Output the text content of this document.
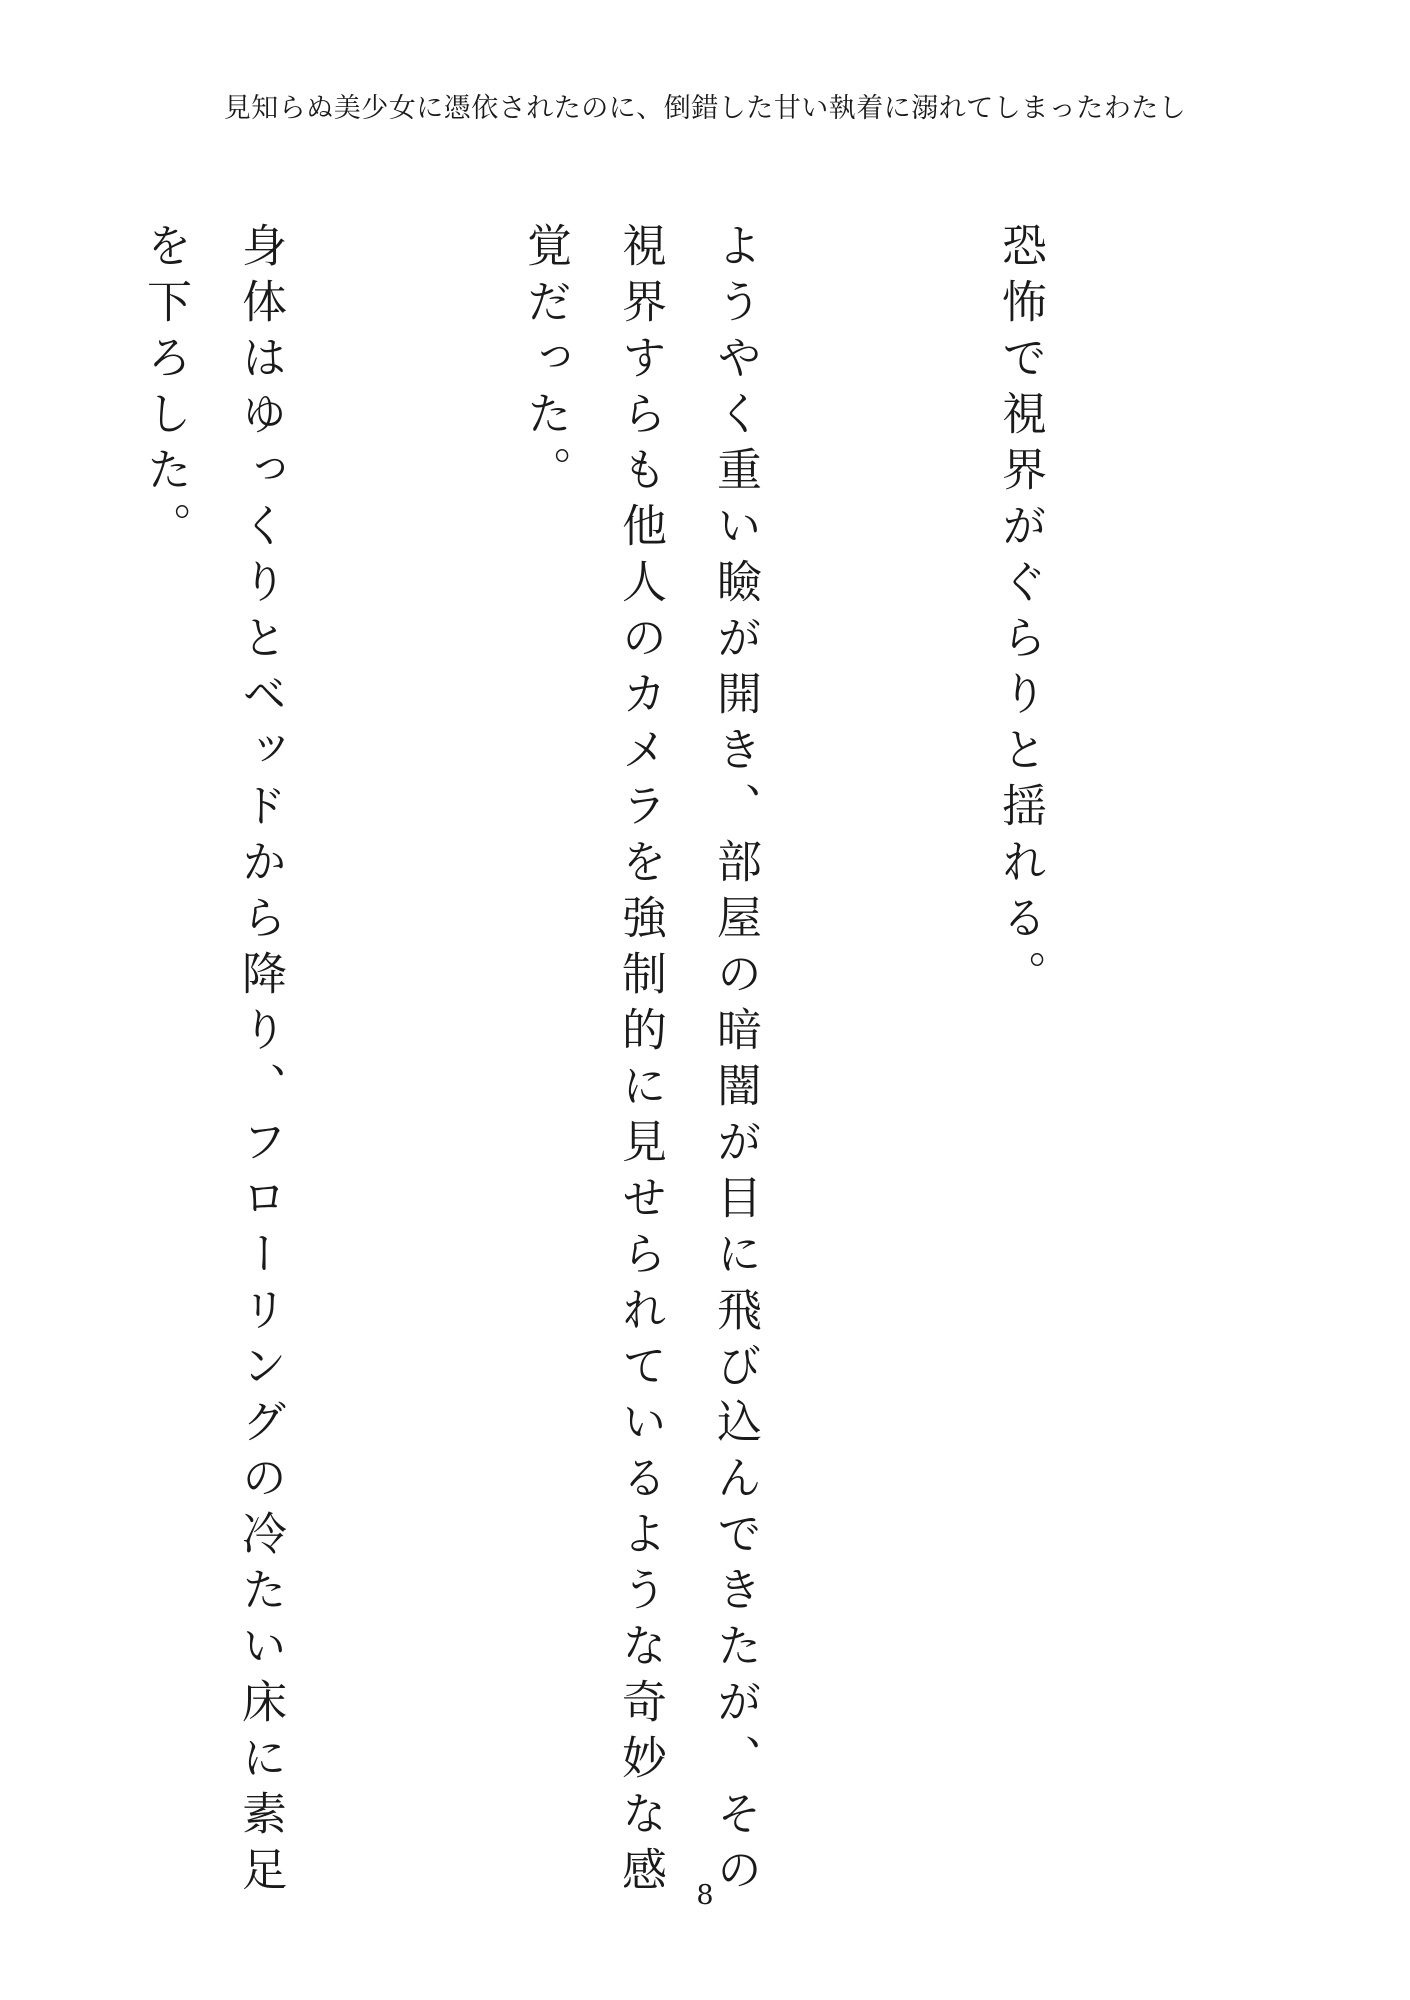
見知らぬ美少女に憑依されたのに、倒錯した甘い執着に溺れてしまったわたし

恐怖で視界がぐらりと揺れる。

ようやく重い瞼が開き、部屋の暗闇が目に飛び込んできたが、その視界すらも他人のカメラを強制的に見せられているような奇妙な感覚だった。

身体はゆっくりとベッドから降り、フローリングの冷たい床に素足を下ろした。

8
